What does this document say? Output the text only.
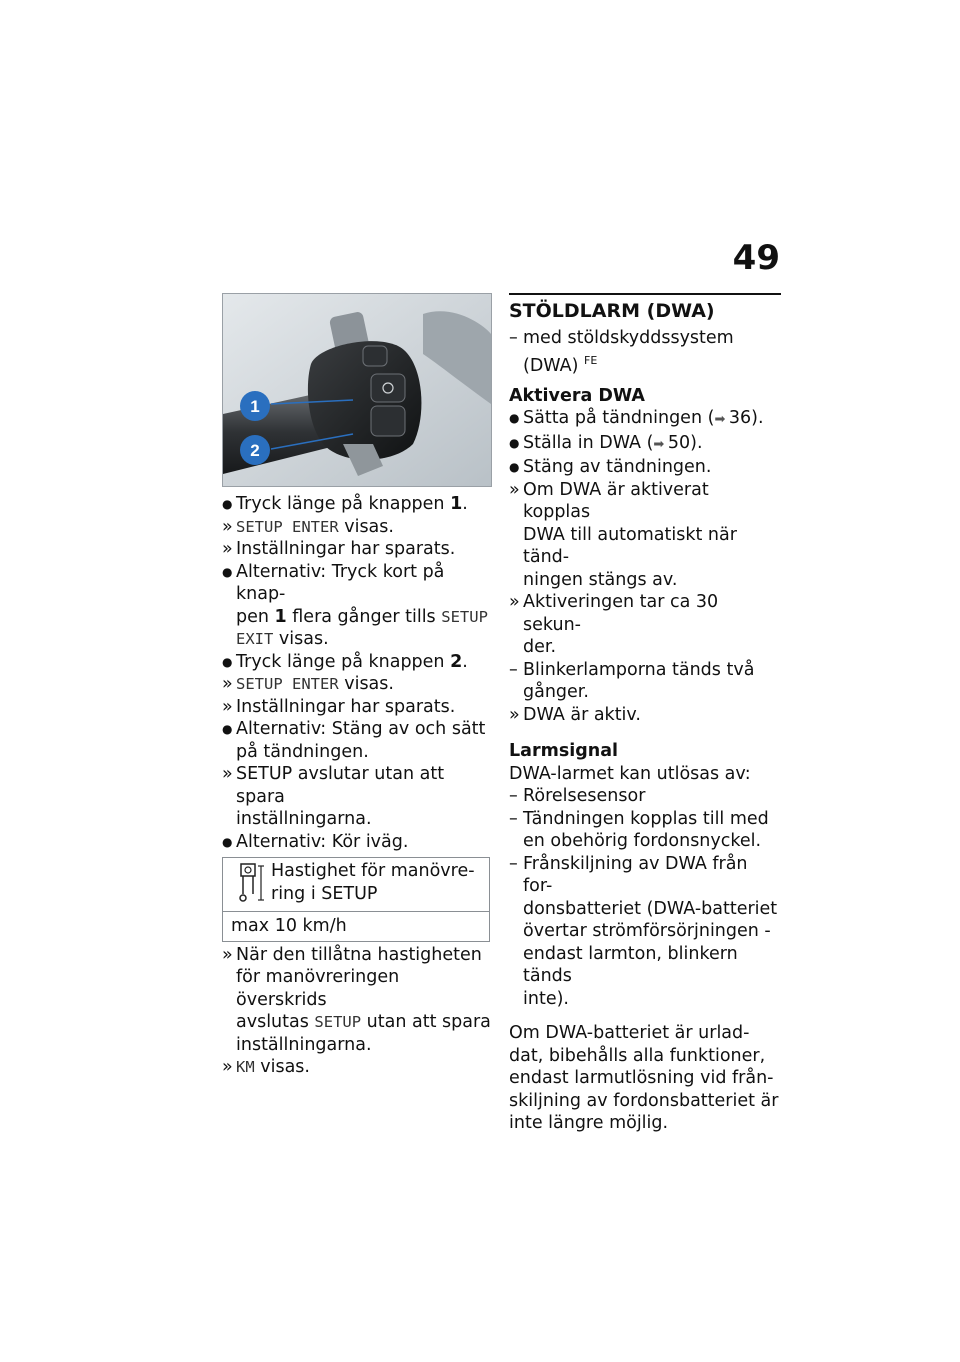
49
1
2
● Tryck länge på knappen 1.
» SETUP ENTER visas.
» Inställningar har sparats.
● Alternativ: Tryck kort på knap-
pen 1 flera gånger tills SETUP
EXIT visas.
● Tryck länge på knappen 2.
» SETUP ENTER visas.
» Inställningar har sparats.
● Alternativ: Stäng av och sätt
på tändningen.
» SETUP avslutar utan att spara
inställningarna.
● Alternativ: Kör iväg.
Hastighet för manövre-
ring i SETUP
max 10 km/h
» När den tillåtna hastigheten
för manövreringen överskrids
avslutas SETUP utan att spara
inställningarna.
» KM visas.
STÖLDLARM (DWA)
– med stöldskyddssystem
(DWA) $^{FE}$
Aktivera DWA
● Sätta på tändningen (➡ 36).
● Ställa in DWA (➡ 50).
● Stäng av tändningen.
» Om DWA är aktiverat kopplas
DWA till automatiskt när tänd-
ningen stängs av.
» Aktiveringen tar ca 30 sekun-
der.
– Blinkerlamporna tänds två
gånger.
» DWA är aktiv.
Larmsignal
DWA-larmet kan utlösas av:
– Rörelsesensor
– Tändningen kopplas till med
en obehörig fordonsnyckel.
– Frånskiljning av DWA från for-
donsbatteriet (DWA-batteriet
övertar strömförsörjningen -
endast larmton, blinkern tänds
inte).
Om DWA-batteriet är urlad-
dat, bibehålls alla funktioner,
endast larmutlösning vid från-
skiljning av fordonsbatteriet är
inte längre möjlig.
